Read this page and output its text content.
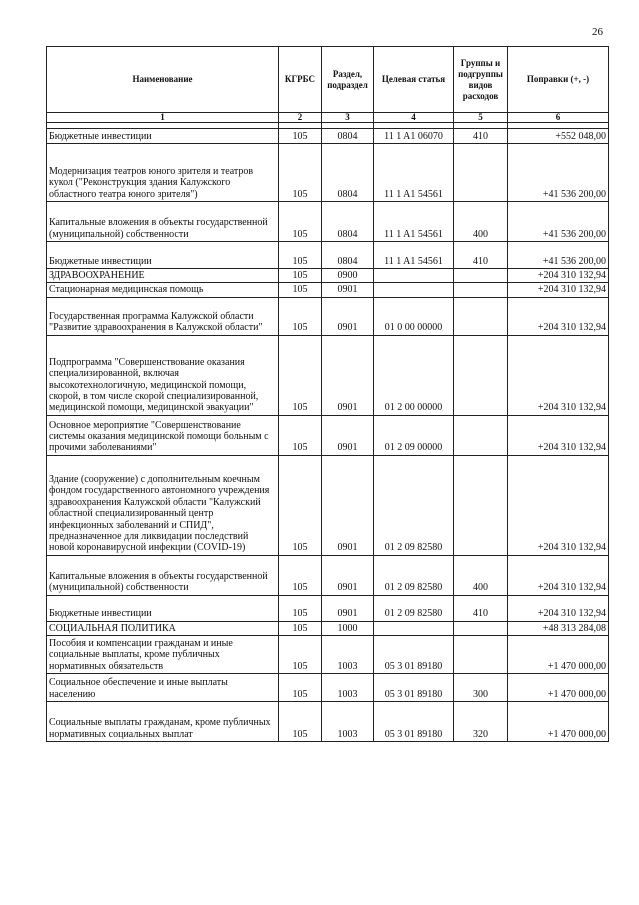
26
Наименование	КГРБС	Раздел, подраздел	Целевая статья	Группы и подгруппы видов расходов	Поправки (+, -)
1	2	3	4	5	6

Бюджетные инвестиции	105	0804	11 1 A1 06070	410	+552 048,00
Модернизация театров юного зрителя и театров кукол ("Реконструкция здания Калужского областного театра юного зрителя")	105	0804	11 1 A1 54561		+41 536 200,00
Капитальные вложения в объекты государственной (муниципальной) собственности	105	0804	11 1 A1 54561	400	+41 536 200,00
Бюджетные инвестиции	105	0804	11 1 A1 54561	410	+41 536 200,00
ЗДРАВООХРАНЕНИЕ	105	0900			+204 310 132,94
Стационарная медицинская помощь	105	0901			+204 310 132,94
Государственная программа Калужской области "Развитие здравоохранения в Калужской области"	105	0901	01 0 00 00000		+204 310 132,94
Подпрограмма "Совершенствование оказания специализированной, включая высокотехнологичную, медицинской помощи, скорой, в том числе скорой специализированной, медицинской помощи, медицинской эвакуации"	105	0901	01 2 00 00000		+204 310 132,94
Основное мероприятие "Совершенствование системы оказания медицинской помощи больным с прочими заболеваниями"	105	0901	01 2 09 00000		+204 310 132,94
Здание (сооружение) с дополнительным коечным фондом государственного автономного учреждения здравоохранения Калужской области "Калужский областной специализированный центр инфекционных заболеваний и СПИД", предназначенное для ликвидации последствий новой коронавирусной инфекции (COVID-19)	105	0901	01 2 09 82580		+204 310 132,94
Капитальные вложения в объекты государственной (муниципальной) собственности	105	0901	01 2 09 82580	400	+204 310 132,94
Бюджетные инвестиции	105	0901	01 2 09 82580	410	+204 310 132,94
СОЦИАЛЬНАЯ ПОЛИТИКА	105	1000			+48 313 284,08
Пособия и компенсации гражданам и иные социальные выплаты, кроме публичных нормативных обязательств	105	1003	05 3 01 89180		+1 470 000,00
Социальное обеспечение и иные выплаты населению	105	1003	05 3 01 89180	300	+1 470 000,00
Социальные выплаты гражданам, кроме публичных нормативных социальных выплат	105	1003	05 3 01 89180	320	+1 470 000,00
